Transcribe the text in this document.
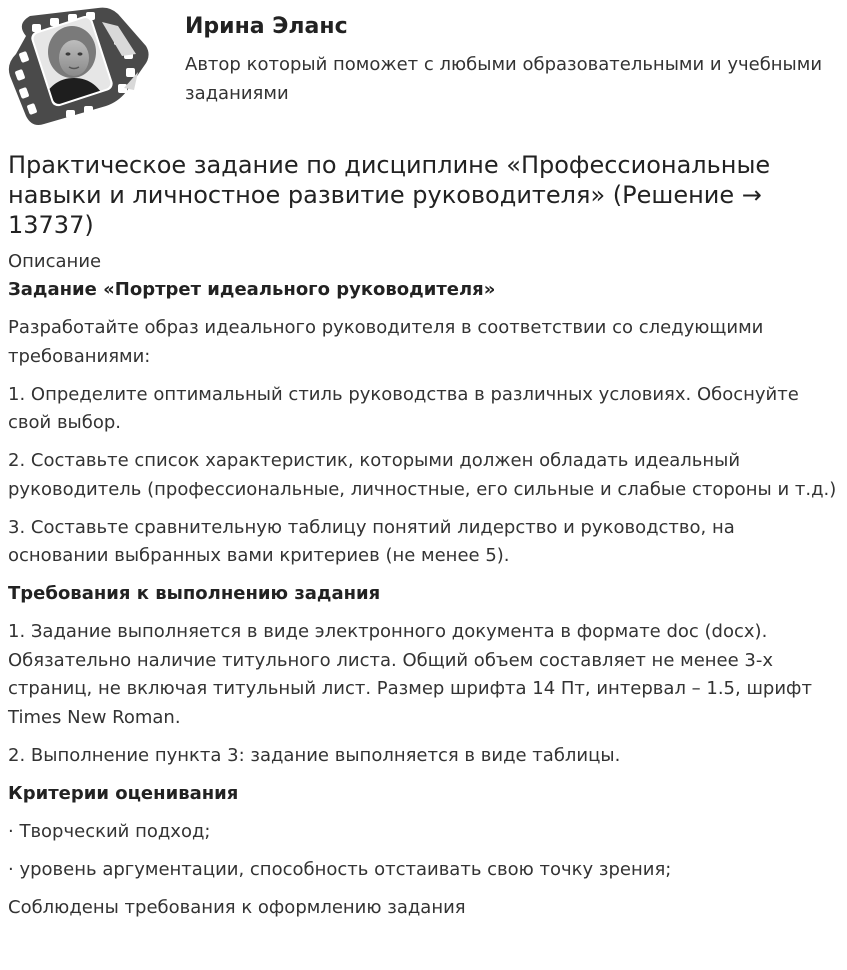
Ирина Эланс

Автор который поможет с любыми образовательными и учебными заданиями

Практическое задание по дисциплине «Профессиональные навыки и личностное развитие руководителя» (Решение → 13737)
Описание

Задание «Портрет идеального руководителя»

Разработайте образ идеального руководителя в соответствии со следующими требованиями:

1. Определите оптимальный стиль руководства в различных условиях. Обоснуйте свой выбор.

2. Составьте список характеристик, которыми должен обладать идеальный руководитель (профессиональные, личностные, его сильные и слабые стороны и т.д.)

3. Составьте сравнительную таблицу понятий лидерство и руководство, на основании выбранных вами критериев (не менее 5).

Требования к выполнению задания

1. Задание выполняется в виде электронного документа в формате doc (docx). Обязательно наличие титульного листа. Общий объем составляет не менее 3-х страниц, не включая титульный лист. Размер шрифта 14 Пт, интервал – 1.5, шрифт Times New Roman.

2. Выполнение пункта 3: задание выполняется в виде таблицы.

Критерии оценивания

· Творческий подход;

· уровень аргументации, способность отстаивать свою точку зрения;

Соблюдены требования к оформлению задания
